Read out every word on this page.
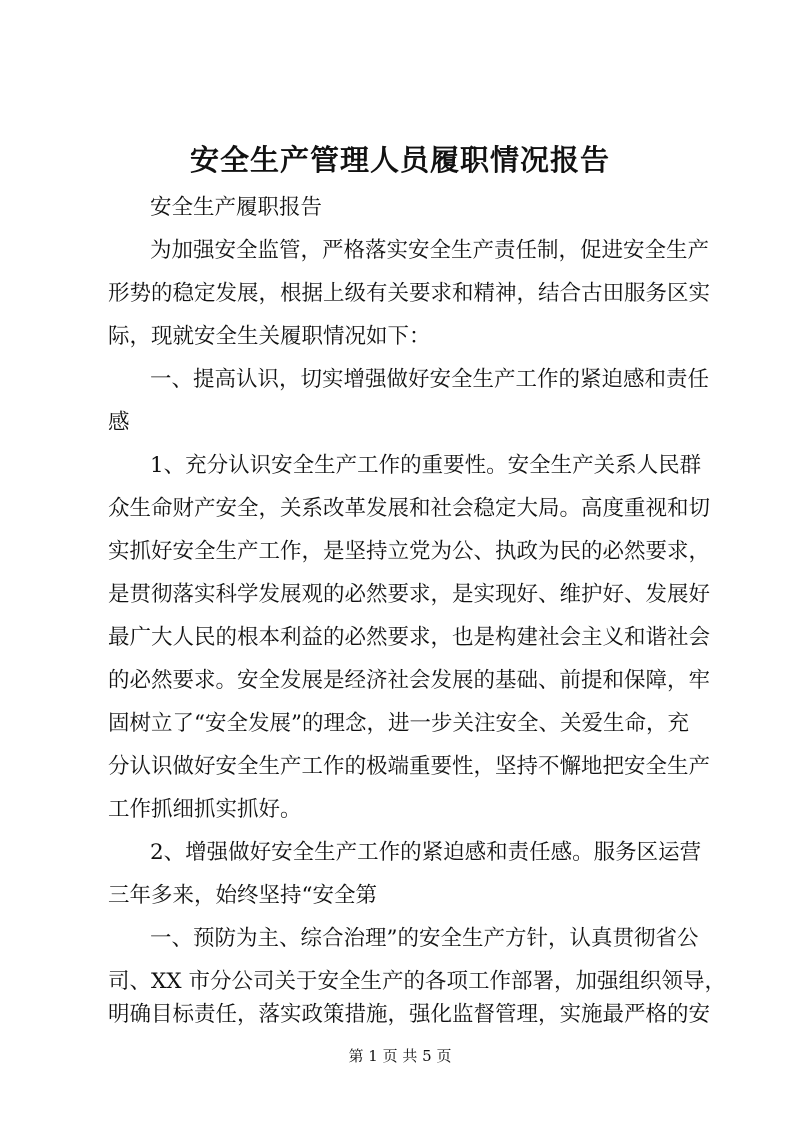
安全生产管理人员履职情况报告

安全生产履职报告

为加强安全监管，严格落实安全生产责任制，促进安全生产

形势的稳定发展，根据上级有关要求和精神，结合古田服务区实

际，现就安全生关履职情况如下：

一、提高认识，切实增强做好安全生产工作的紧迫感和责任

感

1、充分认识安全生产工作的重要性。安全生产关系人民群

众生命财产安全，关系改革发展和社会稳定大局。高度重视和切

实抓好安全生产工作，是坚持立党为公、执政为民的必然要求，

是贯彻落实科学发展观的必然要求，是实现好、维护好、发展好

最广大人民的根本利益的必然要求，也是构建社会主义和谐社会

的必然要求。安全发展是经济社会发展的基础、前提和保障，牢

固树立了“安全发展”的理念，进一步关注安全、关爱生命，充

分认识做好安全生产工作的极端重要性，坚持不懈地把安全生产

工作抓细抓实抓好。

2、增强做好安全生产工作的紧迫感和责任感。服务区运营

三年多来，始终坚持“安全第

一、预防为主、综合治理”的安全生产方针，认真贯彻省公

司、XX 市分公司关于安全生产的各项工作部署，加强组织领导，

明确目标责任，落实政策措施，强化监督管理，实施最严格的安

第 1 页 共 5 页
